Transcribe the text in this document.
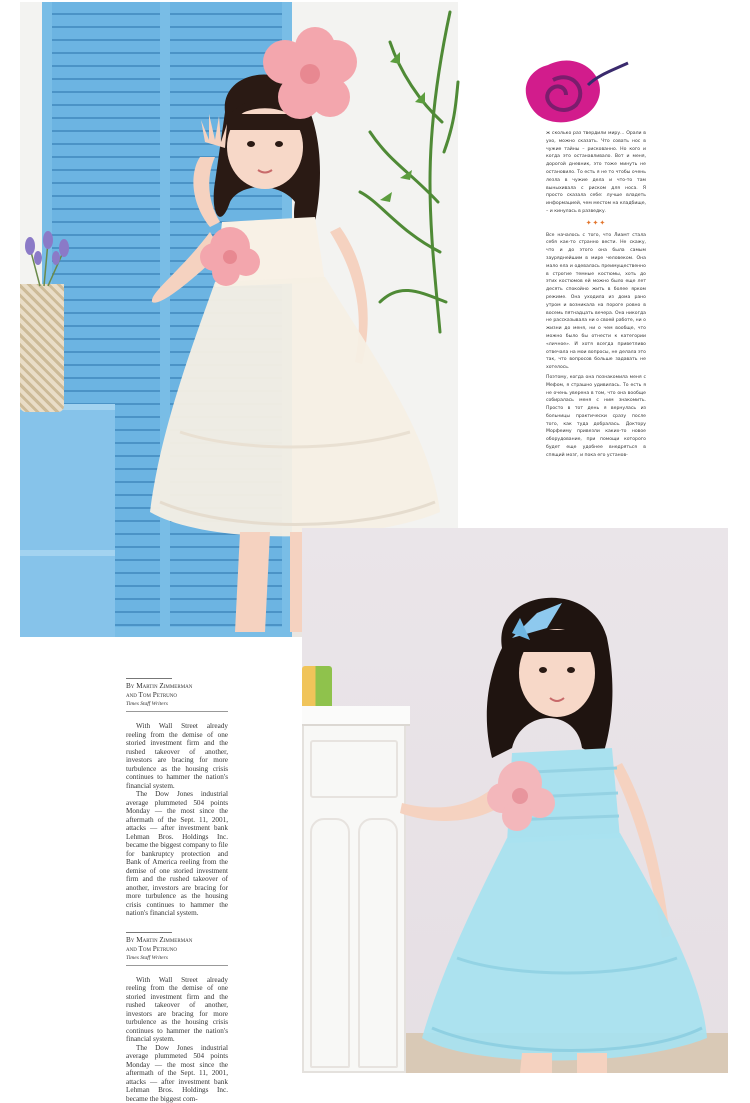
ж сколько раз твердили миру... Орали в ухо, можно сказать. Что совать нос в чужие тайны – рискованно. Но кого и когда это останавливало. Вот и меня, дорогой дневник, это тоже минуть не остановило. То есть я не то чтобы очень лезла в чужие дела и что-то там выныхивала с риском для носа. Я просто сказала себе: лучше владеть информацией, чем местом на кладбище, – и кинулась в разведку.

✦✦✦

Все началось с того, что Лиамт стала себя как-то странно вести. Не скажу, что и до этого она была самым зауряднейшим в мире человеком. Она мало ела и одевалась преимущественно в строгие темные костюмы, хоть до этих костюмов ей можно было еще лет десять спокойно жить в более ярком режиме. Она уходила из дома рано утром и возникала на пороге ровно в восемь пятнадцать вечера. Она никогда не рассказывала ни о своей работе, ни о жизни до меня, ни о чем вообще, что можно было бы отнести к категории «личное». И хотя всегда приветливо отвечала на мои вопросы, не делала это так, что вопросов больше задавать не хотелось.

Поэтому, когда она познакомила меня с Мефом, я страшно удивилась. То есть я не очень уверена в том, что она вообще собиралась меня с ним знакомить. Просто в тот день я вернулась из больницы практически сразу после того, как туда добралась. Доктору Морфеиму привезли каких-то новое оборудование, при помощи которого будет еще удобнее внедряться в спящий мозг, и пока его установ-

By Martin Zimmerman
and Tom Petruno
Times Staff Writers

With Wall Street already reeling from the demise of one storied investment firm and the rushed takeover of another, investors are bracing for more turbulence as the housing crisis continues to hammer the nation's financial system.

The Dow Jones industrial average plummeted 504 points Monday — the most since the aftermath of the Sept. 11, 2001, attacks — after investment bank Lehman Bros. Holdings Inc. became the biggest company to file for bankruptcy protection and Bank of America reeling from the demise of one storied investment firm and the rushed takeover of another, investors are bracing for more turbulence as the housing crisis continues to hammer the nation's financial system.

By Martin Zimmerman
and Tom Petruno
Times Staff Writers

With Wall Street already reeling from the demise of one storied investment firm and the rushed takeover of another, investors are bracing for more turbulence as the housing crisis continues to hammer the nation's financial system.

The Dow Jones industrial average plummeted 504 points Monday — the most since the aftermath of the Sept. 11, 2001, attacks — after investment bank Lehman Bros. Holdings Inc. became the biggest com-
